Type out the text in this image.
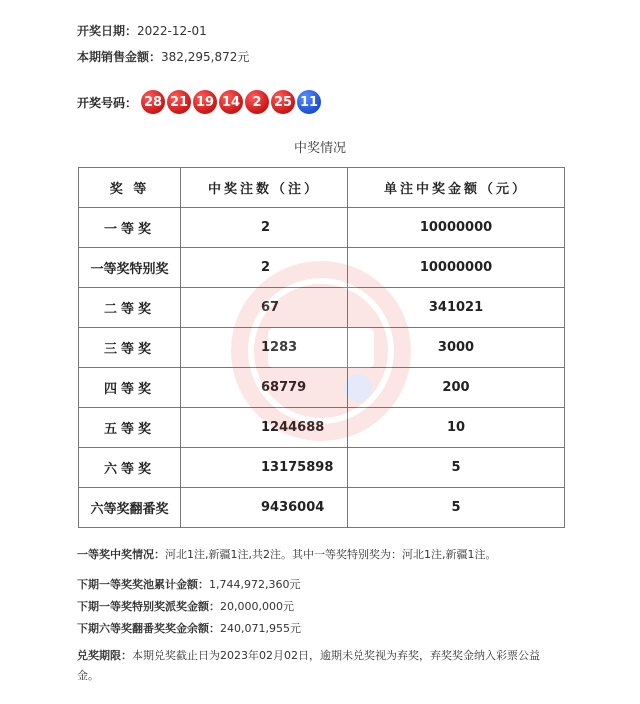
开奖日期：2022-12-01
本期销售金额：382,295,872元
开奖号码： 28 21 19 14 2 25 11
中奖情况
奖 等	中奖注数（注）	单注中奖金额（元）
一等奖	2	10000000
一等奖特别奖	2	10000000
二等奖	67	341021
三等奖	1283	3000
四等奖	68779	200
五等奖	1244688	10
六等奖	13175898	5
六等奖翻番奖	9436004	5
一等奖中奖情况：河北1注,新疆1注,共2注。其中一等奖特别奖为：河北1注,新疆1注。
下期一等奖奖池累计金额：1,744,972,360元
下期一等奖特别奖派奖金额：20,000,000元
下期六等奖翻番奖奖金余额：240,071,955元
兑奖期限：本期兑奖截止日为2023年02月02日，逾期未兑奖视为弃奖，弃奖奖金纳入彩票公益金。
